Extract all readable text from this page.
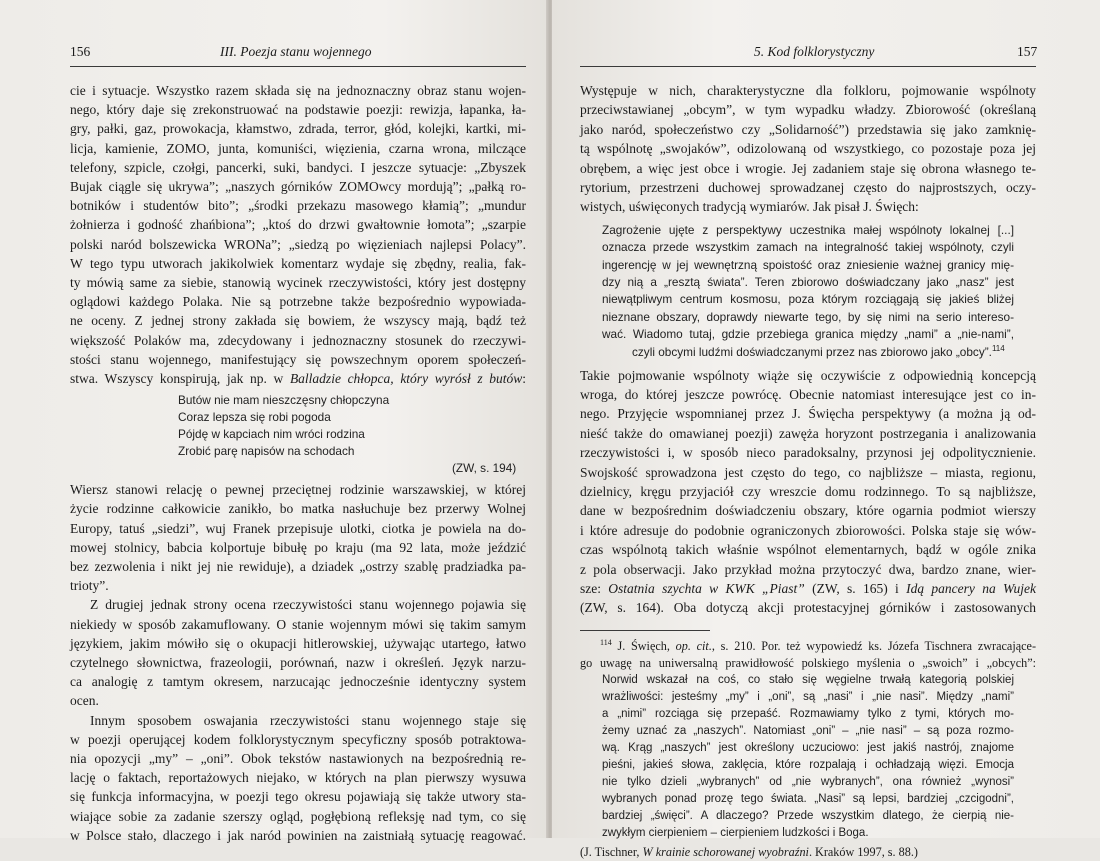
156	III. Poezja stanu wojennego
cie i sytuacje. Wszystko razem składa się na jednoznaczny obraz stanu wojen-
nego, który daje się zrekonstruować na podstawie poezji: rewizja, łapanka, ła-
gry, pałki, gaz, prowokacja, kłamstwo, zdrada, terror, głód, kolejki, kartki, mi-
licja, kamienie, ZOMO, junta, komuniści, więzienia, czarna wrona, milczące
telefony, szpicle, czołgi, pancerki, suki, bandyci. I jeszcze sytuacje: „Zbyszek
Bujak ciągle się ukrywa”; „naszych górników ZOMOwcy mordują”; „pałką ro-
botników i studentów bito”; „środki przekazu masowego kłamią”; „mundur
żołnierza i godność zhańbiona”; „ktoś do drzwi gwałtownie łomota”; „szarpie
polski naród bolszewicka WRONa”; „siedzą po więzieniach najlepsi Polacy”.
W tego typu utworach jakikolwiek komentarz wydaje się zbędny, realia, fak-
ty mówią same za siebie, stanowią wycinek rzeczywistości, który jest dostępny
oglądowi każdego Polaka. Nie są potrzebne także bezpośrednio wypowiada-
ne oceny. Z jednej strony zakłada się bowiem, że wszyscy mają, bądź też
większość Polaków ma, zdecydowany i jednoznaczny stosunek do rzeczywi-
stości stanu wojennego, manifestujący się powszechnym oporem społeczeń-
stwa. Wszyscy konspirują, jak np. w Balladzie chłopca, który wyrósł z butów:
Butów nie mam nieszczęsny chłopczyna
Coraz lepsza się robi pogoda
Pójdę w kapciach nim wróci rodzina
Zrobić parę napisów na schodach
(ZW, s. 194)
Wiersz stanowi relację o pewnej przeciętnej rodzinie warszawskiej, w której
życie rodzinne całkowicie zanikło, bo matka nasłuchuje bez przerwy Wolnej
Europy, tatuś „siedzi”, wuj Franek przepisuje ulotki, ciotka je powiela na do-
mowej stolnicy, babcia kolportuje bibułę po kraju (ma 92 lata, może jeździć
bez zezwolenia i nikt jej nie rewiduje), a dziadek „ostrzy szablę pradziadka pa-
trioty”.
Z drugiej jednak strony ocena rzeczywistości stanu wojennego pojawia się
niekiedy w sposób zakamuflowany. O stanie wojennym mówi się takim samym
językiem, jakim mówiło się o okupacji hitlerowskiej, używając utartego, łatwo
czytelnego słownictwa, frazeologii, porównań, nazw i określeń. Język narzu-
ca analogię z tamtym okresem, narzucając jednocześnie identyczny system
ocen.
Innym sposobem oswajania rzeczywistości stanu wojennego staje się
w poezji operującej kodem folklorystycznym specyficzny sposób potraktowa-
nia opozycji „my” – „oni”. Obok tekstów nastawionych na bezpośrednią re-
lację o faktach, reportażowych niejako, w których na plan pierwszy wysuwa
się funkcja informacyjna, w poezji tego okresu pojawiają się także utwory sta-
wiające sobie za zadanie szerszy ogląd, pogłębioną refleksję nad tym, co się
w Polsce stało, dlaczego i jak naród powinien na zaistniałą sytuację reagować.
5. Kod folklorystyczny	157
Występuje w nich, charakterystyczne dla folkloru, pojmowanie wspólnoty
przeciwstawianej „obcym”, w tym wypadku władzy. Zbiorowość (określaną
jako naród, społeczeństwo czy „Solidarność”) przedstawia się jako zamknię-
tą wspólnotę „swojaków”, odizolowaną od wszystkiego, co pozostaje poza jej
obrębem, a więc jest obce i wrogie. Jej zadaniem staje się obrona własnego te-
rytorium, przestrzeni duchowej sprowadzanej często do najprostszych, oczy-
wistych, uświęconych tradycją wymiarów. Jak pisał J. Święch:
Zagrożenie ujęte z perspektywy uczestnika małej wspólnoty lokalnej [...]
oznacza przede wszystkim zamach na integralność takiej wspólnoty, czyli
ingerencję w jej wewnętrzną spoistość oraz zniesienie ważnej granicy mię-
dzy nią a „resztą świata”. Teren zbiorowo doświadczany jako „nasz” jest
niewątpliwym centrum kosmosu, poza którym rozciągają się jakieś bliżej
nieznane obszary, doprawdy niewarte tego, by się nimi na serio intereso-
wać. Wiadomo tutaj, gdzie przebiega granica między „nami” a „nie-nami”,
czyli obcymi ludźmi doświadczanymi przez nas zbiorowo jako „obcy”.$^{114}$
Takie pojmowanie wspólnoty wiąże się oczywiście z odpowiednią koncepcją
wroga, do której jeszcze powrócę. Obecnie natomiast interesujące jest co in-
nego. Przyjęcie wspomnianej przez J. Święcha perspektywy (a można ją od-
nieść także do omawianej poezji) zawęża horyzont postrzegania i analizowania
rzeczywistości i, w sposób nieco paradoksalny, przynosi jej odpolitycznienie.
Swojskość sprowadzona jest często do tego, co najbliższe – miasta, regionu,
dzielnicy, kręgu przyjaciół czy wreszcie domu rodzinnego. To są najbliższe,
dane w bezpośrednim doświadczeniu obszary, które ogarnia podmiot wierszy
i które adresuje do podobnie ograniczonych zbiorowości. Polska staje się wów-
czas wspólnotą takich właśnie wspólnot elementarnych, bądź w ogóle znika
z pola obserwacji. Jako przykład można przytoczyć dwa, bardzo znane, wier-
sze: Ostatnia szychta w KWK „Piast” (ZW, s. 165) i Idą pancery na Wujek
(ZW, s. 164). Oba dotyczą akcji protestacyjnej górników i zastosowanych
$^{114}$ J. Święch, op. cit., s. 210. Por. też wypowiedź ks. Józefa Tischnera zwracające-
go uwagę na uniwersalną prawidłowość polskiego myślenia o „swoich” i „obcych”:
Norwid wskazał na coś, co stało się węgielne trwałą kategorią polskiej
wrażliwości: jesteśmy „my” i „oni”, są „nasi” i „nie nasi”. Między „nami”
a „nimi” rozciąga się przepaść. Rozmawiamy tylko z tymi, których mo-
żemy uznać za „naszych”. Natomiast „oni” – „nie nasi” – są poza rozmo-
wą. Krąg „naszych” jest określony uczuciowo: jest jakiś nastrój, znajome
pieśni, jakieś słowa, zaklęcia, które rozpalają i ochładzają więzi. Emocja
nie tylko dzieli „wybranych” od „nie wybranych”, ona również „wynosi”
wybranych ponad prozę tego świata. „Nasi” są lepsi, bardziej „czcigodni”,
bardziej „święci”. A dlaczego? Przede wszystkim dlatego, że cierpią nie-
zwykłym cierpieniem – cierpieniem ludzkości i Boga.
(J. Tischner, W krainie schorowanej wyobraźni. Kraków 1997, s. 88.)
